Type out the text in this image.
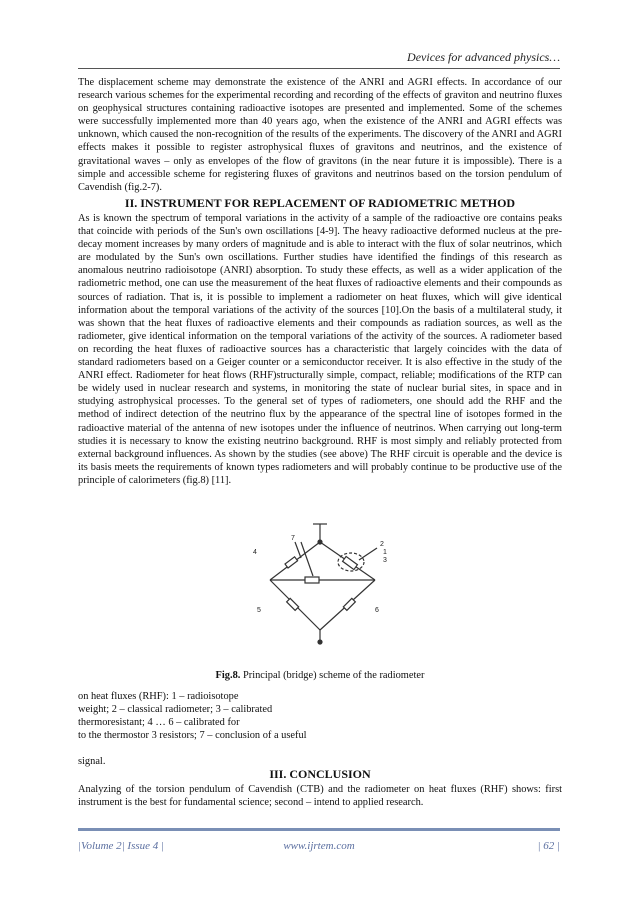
Devices for advanced physics…
The displacement scheme may demonstrate the existence of the ANRI and AGRI effects. In accordance of our research various schemes for the experimental recording and recording of the effects of graviton and neutrino fluxes on geophysical structures containing radioactive isotopes are presented and implemented. Some of the schemes were successfully implemented more than 40 years ago, when the existence of the ANRI and AGRI effects was unknown, which caused the non-recognition of the results of the experiments. The discovery of the ANRI and AGRI effects makes it possible to register astrophysical fluxes of gravitons and neutrinos, and the existence of gravitational waves – only as envelopes of the flow of gravitons (in the near future it is impossible). There is a simple and accessible scheme for registering fluxes of gravitons and neutrinos based on the torsion pendulum of Cavendish (fig.2-7).
II. INSTRUMENT FOR REPLACEMENT OF RADIOMETRIC METHOD
As is known the spectrum of temporal variations in the activity of a sample of the radioactive ore contains peaks that coincide with periods of the Sun's own oscillations [4-9]. The heavy radioactive deformed nucleus at the pre-decay moment increases by many orders of magnitude and is able to interact with the flux of solar neutrinos, which are modulated by the Sun's own oscillations. Further studies have identified the findings of this research as anomalous neutrino radioisotope (ANRI) absorption. To study these effects, as well as a wider application of the radiometric method, one can use the measurement of the heat fluxes of radioactive elements and their compounds as sources of radiation. That is, it is possible to implement a radiometer on heat fluxes, which will give identical information about the temporal variations of the activity of the sources [10].On the basis of a multilateral study, it was shown that the heat fluxes of radioactive elements and their compounds as radiation sources, as well as the radiometer, give identical information on the temporal variations of the activity of the sources. A radiometer based on recording the heat fluxes of radioactive sources has a characteristic that largely coincides with the data of standard radiometers based on a Geiger counter or a semiconductor receiver. It is also effective in the study of the ANRI effect. Radiometer for heat flows (RHF)structurally simple, compact, reliable; modifications of the RTP can be widely used in nuclear research and systems, in monitoring the state of nuclear burial sites, in space and in studying astrophysical processes. To the general set of types of radiometers, one should add the RHF and the method of indirect detection of the neutrino flux by the appearance of the spectral line of isotopes formed in the radioactive material of the antenna of new isotopes under the influence of neutrinos. When carrying out long-term studies it is necessary to know the existing neutrino background. RHF is most simply and reliably protected from external background influences. As shown by the studies (see above) The RHF circuit is operable and the device is its basis meets the requirements of known types radiometers and will probably continue to be productive use of the principle of calorimeters (fig.8) [11].
7
2
1
3
4
5	6
Fig.8. Principal (bridge) scheme of the radiometer
on heat fluxes (RHF): 1 – radioisotope
weight; 2 – classical radiometer; 3 – calibrated
thermoresistant; 4 … 6 – calibrated for
to the thermostor 3 resistors; 7 – conclusion of a useful
signal.
III. CONCLUSION
Analyzing of the torsion pendulum of Cavendish (CTB) and the radiometer on heat fluxes (RHF) shows: first instrument is the best for fundamental science; second – intend to applied research.
|Volume 2| Issue 4 |	www.ijrtem.com	| 62 |
